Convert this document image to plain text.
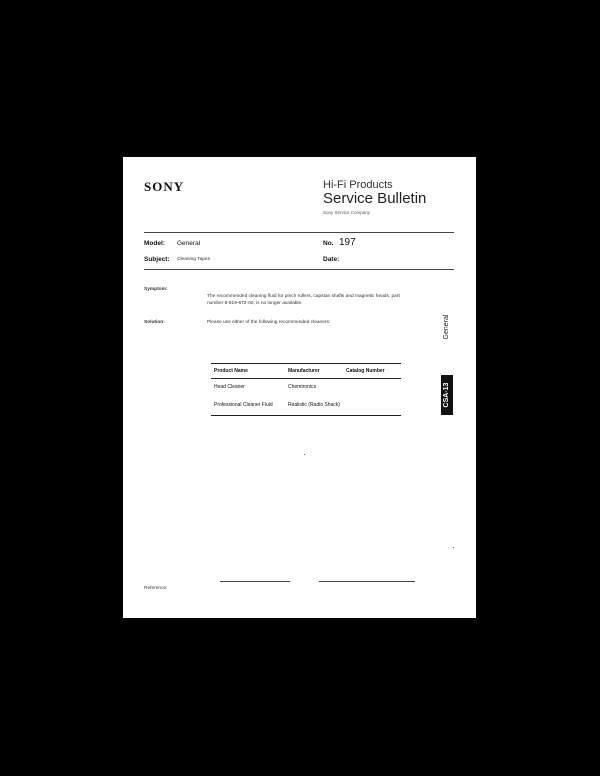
SONY	Hi-Fi Products
Service Bulletin
Sony Service Company
Model: General	No. 197
Subject: Cleaning Tapes	Date:
Symptom:
The recommended cleaning fluid for pinch rollers, capstan shafts and magnetic heads, part
number 8-819-672-00, is no longer available.
Solution:	Please use either of the following recommended cleaners:
Product Name	Manufacturer	Catalog Number
Head Cleaner	Chemtronics	
Professional Cleaner Fluid	Realistic (Radio Shack)	
General
CSA-13
Reference:
